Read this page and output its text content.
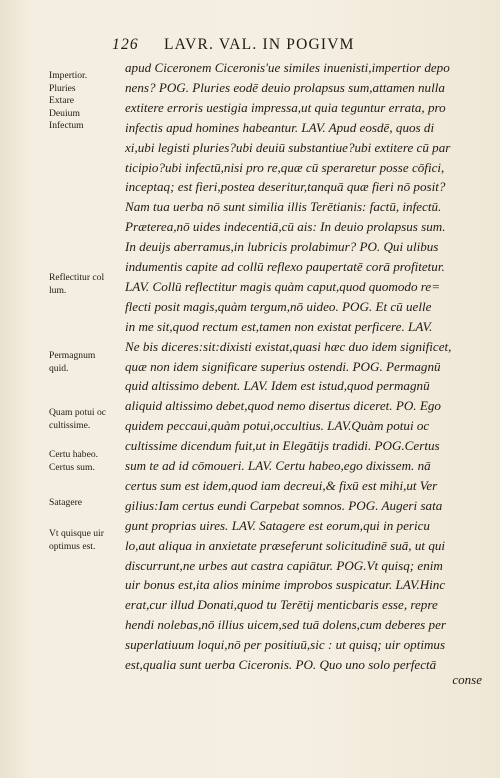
126 LAVR. VAL. IN POGIVM
Impertior.
Pluries
Extare
Deuium
Infectum
Reflectitur col
lum.
Permagnum
quid.
Quam potui oc
cultissime.
Certu habeo.
Certus sum.
Satagere
Vt quisque uir
optimus est.
apud Ciceronem Ciceronis'ue similes inuenisti,impertior depo
nens? POG. Pluries eodē deuio prolapsus sum,attamen nulla
extitere erroris uestigia impressa,ut quia teguntur errata, pro
infectis apud homines habeantur. LAV. Apud eosdē, quos di
xi,ubi legisti pluries?ubi deuiū substantiue?ubi extitere cū par
ticipio?ubi infectū,nisi pro re,quæ cū speraretur posse cōfici,
inceptaq; est fieri,postea deseritur,tanquā quæ fieri nō posit?
Nam tua uerba nō sunt similia illis Terētianis: factū, infectū.
Præterea,nō uides indecentiā,cū ais: In deuio prolapsus sum.
In deuijs aberramus,in lubricis prolabimur? PO. Qui ulibus
indumentis capite ad collū reflexo paupertatē corā profitetur.
LAV. Collū reflectitur magis quàm caput,quod quomodo re=
flecti posit magis,quàm tergum,nō uideo. POG. Et cū uelle
in me sit,quod rectum est,tamen non existat perficere. LAV.
Ne bis diceres:sit:dixisti existat,quasi hæc duo idem significet,
quæ non idem significare superius ostendi. POG. Permagnū
quid altissimo debent. LAV. Idem est istud,quod permagnū
aliquid altissimo debet,quod nemo disertus diceret. PO. Ego
quidem peccaui,quàm potui,occultius. LAV.Quàm potui oc
cultissime dicendum fuit,ut in Elegātijs tradidi. POG.Certus
sum te ad id cōmoueri. LAV. Certu habeo,ego dixissem. nā
certus sum est idem,quod iam decreui,& fixū est mihi,ut Ver
gilius:Iam certus eundi Carpebat somnos. POG. Augeri sata
gunt proprias uires. LAV. Satagere est eorum,qui in pericu
lo,aut aliqua in anxietate præseferunt solicitudinē suā, ut qui
discurrunt,ne urbes aut castra capiātur. POG.Vt quisq; enim
uir bonus est,ita alios minime improbos suspicatur. LAV.Hinc
erat,cur illud Donati,quod tu Terētij menticbaris esse, repre
hendi nolebas,nō illius uicem,sed tuā dolens,cum deberes per
superlatiuum loqui,nō per positiuū,sic : ut quisq; uir optimus
est,qualia sunt uerba Ciceronis. PO. Quo uno solo perfectā
conse
